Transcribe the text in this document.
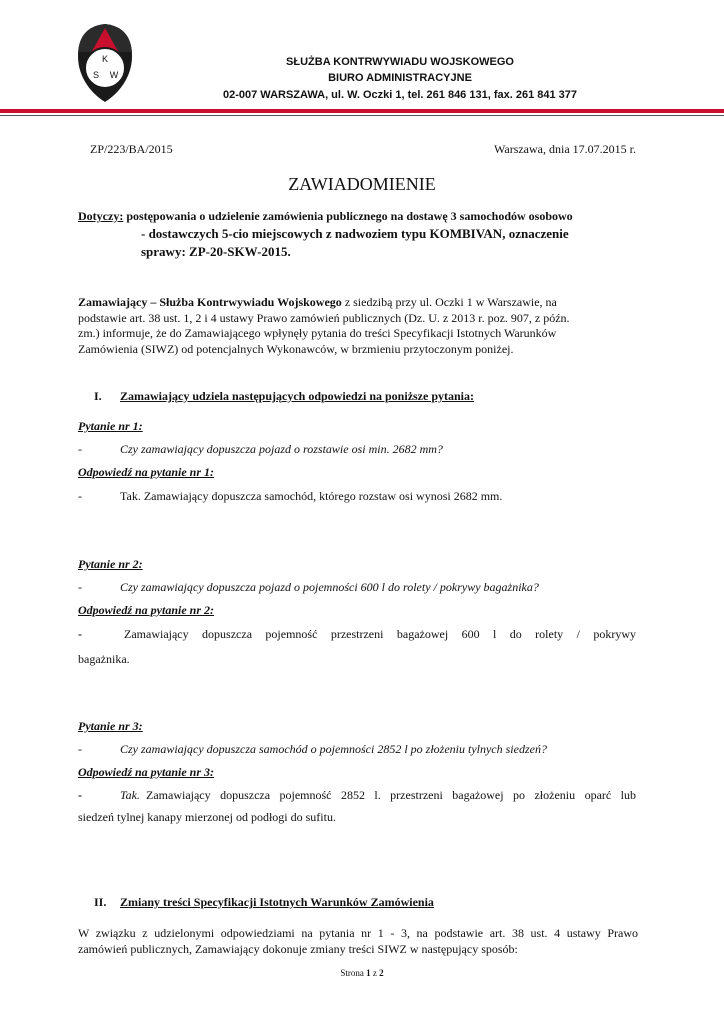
K
S W
SŁUŻBA KONTRWYWIADU WOJSKOWEGO
BIURO ADMINISTRACYJNE
02-007 WARSZAWA, ul. W. Oczki 1, tel. 261 846 131, fax. 261 841 377
ZP/223/BA/2015	Warszawa, dnia 17.07.2015 r.
ZAWIADOMIENIE
Dotyczy: postępowania o udzielenie zamówienia publicznego na dostawę 3 samochodów osobowo
- dostawczych 5-cio miejscowych z nadwoziem typu KOMBIVAN, oznaczenie
sprawy: ZP-20-SKW-2015.
Zamawiający – Służba Kontrwywiadu Wojskowego z siedzibą przy ul. Oczki 1 w Warszawie, na
podstawie art. 38 ust. 1, 2 i 4 ustawy Prawo zamówień publicznych (Dz. U. z 2013 r. poz. 907, z późn.
zm.) informuje, że do Zamawiającego wpłynęły pytania do treści Specyfikacji Istotnych Warunków
Zamówienia (SIWZ) od potencjalnych Wykonawców, w brzmieniu przytoczonym poniżej.
I. Zamawiający udziela następujących odpowiedzi na poniższe pytania:
Pytanie nr 1:
-	Czy zamawiający dopuszcza pojazd o rozstawie osi min. 2682 mm?
Odpowiedź na pytanie nr 1:
-	Tak. Zamawiający dopuszcza samochód, którego rozstaw osi wynosi 2682 mm.
Pytanie nr 2:
-	Czy zamawiający dopuszcza pojazd o pojemności 600 l do rolety / pokrywy bagażnika?
Odpowiedź na pytanie nr 2:
-	Zamawiający dopuszcza pojemność przestrzeni bagażowej 600 l do rolety / pokrywy
bagażnika.
Pytanie nr 3:
-	Czy zamawiający dopuszcza samochód o pojemności 2852 l po złożeniu tylnych siedzeń?
Odpowiedź na pytanie nr 3:
-	Tak. Zamawiający dopuszcza pojemność 2852 l. przestrzeni bagażowej po złożeniu oparć lub
siedzeń tylnej kanapy mierzonej od podłogi do sufitu.
II. Zmiany treści Specyfikacji Istotnych Warunków Zamówienia
W związku z udzielonymi odpowiedziami na pytania nr 1 - 3, na podstawie art. 38 ust. 4 ustawy Prawo
zamówień publicznych, Zamawiający dokonuje zmiany treści SIWZ w następujący sposób:
Strona 1 z 2
